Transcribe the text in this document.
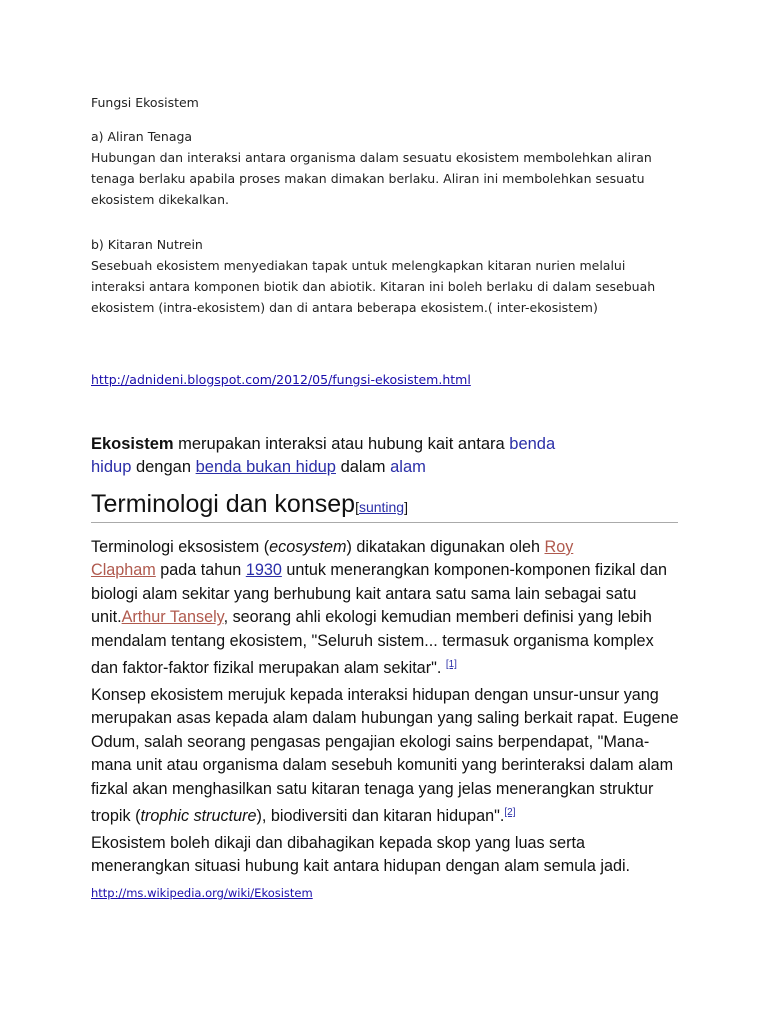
Fungsi Ekosistem
a) Aliran Tenaga
Hubungan dan interaksi antara organisma dalam sesuatu ekosistem membolehkan aliran tenaga berlaku apabila proses makan dimakan berlaku. Aliran ini membolehkan sesuatu ekosistem dikekalkan.
b) Kitaran Nutrein
Sesebuah ekosistem menyediakan tapak untuk melengkapkan kitaran nurien melalui interaksi antara komponen biotik dan abiotik. Kitaran ini boleh berlaku di dalam sesebuah ekosistem (intra-ekosistem) dan di antara beberapa ekosistem.( inter-ekosistem)
http://adnideni.blogspot.com/2012/05/fungsi-ekosistem.html
Ekosistem merupakan interaksi atau hubung kait antara benda
hidup dengan benda bukan hidup dalam alam
Terminologi dan konsep[sunting]
Terminologi eksosistem (ecosystem) dikatakan digunakan oleh Roy
Clapham pada tahun 1930 untuk menerangkan komponen-komponen fizikal dan biologi alam sekitar yang berhubung kait antara satu sama lain sebagai satu unit.Arthur Tansely, seorang ahli ekologi kemudian memberi definisi yang lebih mendalam tentang ekosistem, "Seluruh sistem... termasuk organisma komplex dan faktor-faktor fizikal merupakan alam sekitar". [1]
Konsep ekosistem merujuk kepada interaksi hidupan dengan unsur-unsur yang merupakan asas kepada alam dalam hubungan yang saling berkait rapat. Eugene Odum, salah seorang pengasas pengajian ekologi sains berpendapat, "Mana-mana unit atau organisma dalam sesebuh komuniti yang berinteraksi dalam alam fizkal akan menghasilkan satu kitaran tenaga yang jelas menerangkan struktur tropik (trophic structure), biodiversiti dan kitaran hidupan".[2]
Ekosistem boleh dikaji dan dibahagikan kepada skop yang luas serta menerangkan situasi hubung kait antara hidupan dengan alam semula jadi.
http://ms.wikipedia.org/wiki/Ekosistem
